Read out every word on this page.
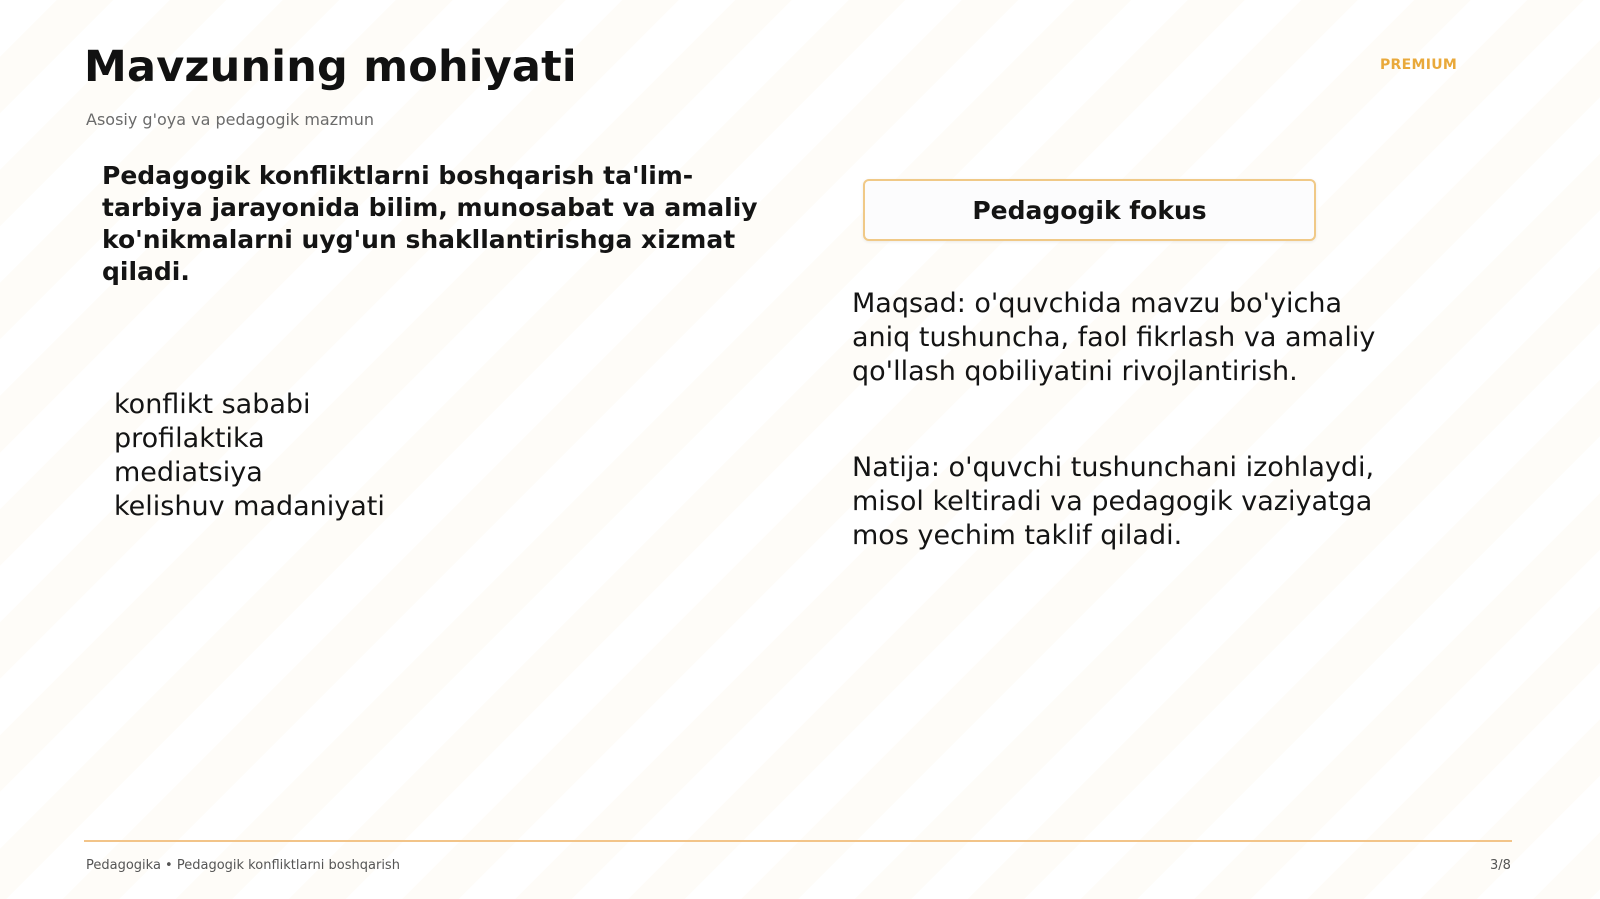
Mavzuning mohiyati
Asosiy g'oya va pedagogik mazmun
PREMIUM

Pedagogik konfliktlarni boshqarish ta'lim-tarbiya jarayonida bilim, munosabat va amaliy ko'nikmalarni uyg'un shakllantirishga xizmat qiladi.

konflikt sababi
profilaktika
mediatsiya
kelishuv madaniyati
Pedagogik fokus

Maqsad: o'quvchida mavzu bo'yicha aniq tushuncha, faol fikrlash va amaliy qo'llash qobiliyatini rivojlantirish.

Natija: o'quvchi tushunchani izohlaydi, misol keltiradi va pedagogik vaziyatga mos yechim taklif qiladi.

Pedagogika • Pedagogik konfliktlarni boshqarish	3/8
